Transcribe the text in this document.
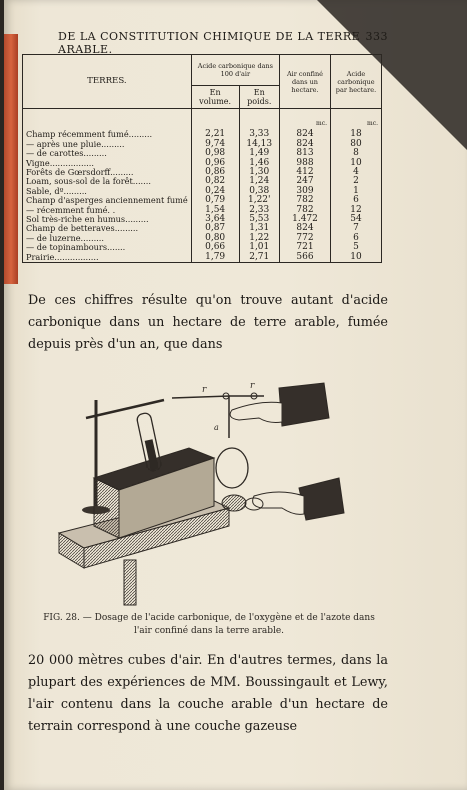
DE LA CONSTITUTION CHIMIQUE DE LA TERRE ARABLE.
333
TERRES.	Acide carbonique dans 100 d'air		Air confiné dans un hectare.	Acide carbonique par hectare.
	En volume.	En poids.		
			mc.	mc.
Champ récemment fumé.........	2,21	3,33	824	18
— après une pluie.........	9,74	14,13	824	80
— de carottes.........	0,98	1,49	813	8
Vigne.................	0,96	1,46	988	10
Forêts de Gœrsdorff.........	0,86	1,30	412	4
Loam, sous-sol de la forêt.......	0,82	1,24	247	2
Sable, dº.........	0,24	0,38	309	1
Champ d'asperges anciennement fumé	0,79	1,22'	782	6
— récemment fumé. .	1,54	2,33	782	12
Sol très-riche en humus.........	3,64	5,53	1.472	54
Champ de betteraves.........	0,87	1,31	824	7
— de luzerne.........	0,80	1,22	772	6
— de topinambours.......	0,66	1,01	721	5
Prairie.................	1,79	2,71	566	10

De ces chiffres résulte qu'on trouve autant d'acide carbonique dans un hectare de terre arable, fumée depuis près d'un an, que dans

r	r
a
FIG. 28. — Dosage de l'acide carbonique, de l'oxygène et de l'azote dans l'air confiné dans la terre arable.

20 000 mètres cubes d'air. En d'autres termes, dans la plupart des expériences de MM. Boussingault et Lewy, l'air contenu dans la couche arable d'un hectare de terrain correspond à une couche gazeuse
